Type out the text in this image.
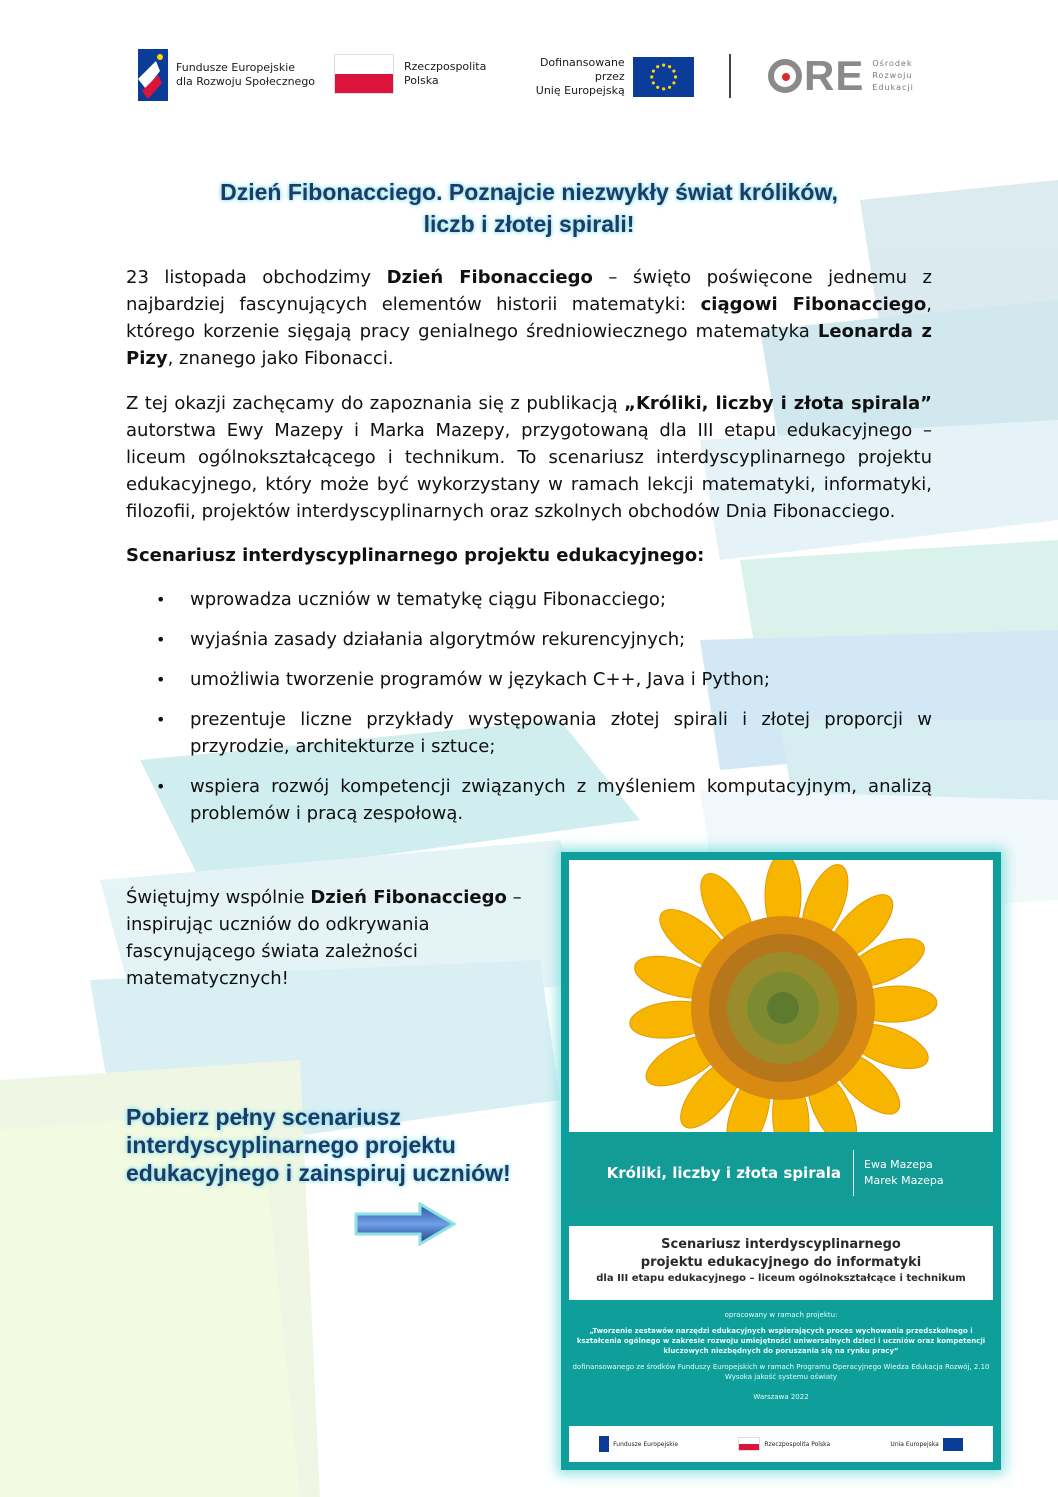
Fundusze Europejskie
dla Rozwoju Społecznego
Rzeczpospolita
Polska
Dofinansowane przez
Unię Europejską	RE Ośrodek
Rozwoju
Edukacji
Dzień Fibonacciego. Poznajcie niezwykły świat królików,
liczb i złotej spirali!
23 listopada obchodzimy Dzień Fibonacciego – święto poświęcone jednemu z najbardziej fascynujących elementów historii matematyki: ciągowi Fibonacciego, którego korzenie sięgają pracy genialnego średniowiecznego matematyka Leonarda z Pizy, znanego jako Fibonacci.
Z tej okazji zachęcamy do zapoznania się z publikacją „Króliki, liczby i złota spirala” autorstwa Ewy Mazepy i Marka Mazepy, przygotowaną dla III etapu edukacyjnego – liceum ogólnokształcącego i technikum. To scenariusz interdyscyplinarnego projektu edukacyjnego, który może być wykorzystany w ramach lekcji matematyki, informatyki, filozofii, projektów interdyscyplinarnych oraz szkolnych obchodów Dnia Fibonacciego.
Scenariusz interdyscyplinarnego projektu edukacyjnego:
• wprowadza uczniów w tematykę ciągu Fibonacciego;
• wyjaśnia zasady działania algorytmów rekurencyjnych;
• umożliwia tworzenie programów w językach C++, Java i Python;
• prezentuje liczne przykłady występowania złotej spirali i złotej proporcji w przyrodzie, architekturze i sztuce;
• wspiera rozwój kompetencji związanych z myśleniem komputacyjnym, analizą problemów i pracą zespołową.
Świętujmy wspólnie Dzień Fibonacciego – inspirując uczniów do odkrywania fascynującego świata zależności matematycznych!
Pobierz pełny scenariusz interdyscyplinarnego projektu edukacyjnego i zainspiruj uczniów!	Króliki, liczby i złota spirala	Ewa Mazepa
Marek Mazepa
Scenariusz interdyscyplinarnego
projektu edukacyjnego do informatyki
dla III etapu edukacyjnego – liceum ogólnokształcące i technikum
opracowany w ramach projektu:
„Tworzenie zestawów narzędzi edukacyjnych wspierających proces wychowania przedszkolnego i kształcenia ogólnego w zakresie rozwoju umiejętności uniwersalnych dzieci i uczniów oraz kompetencji kluczowych niezbędnych do poruszania się na rynku pracy”
dofinansowanego ze środków Funduszy Europejskich w ramach Programu Operacyjnego Wiedza Edukacja Rozwój, 2.10 Wysoka jakość systemu oświaty
Warszawa 2022
Fundusze Europejskie	Rzeczpospolita Polska	Unia Europejska
